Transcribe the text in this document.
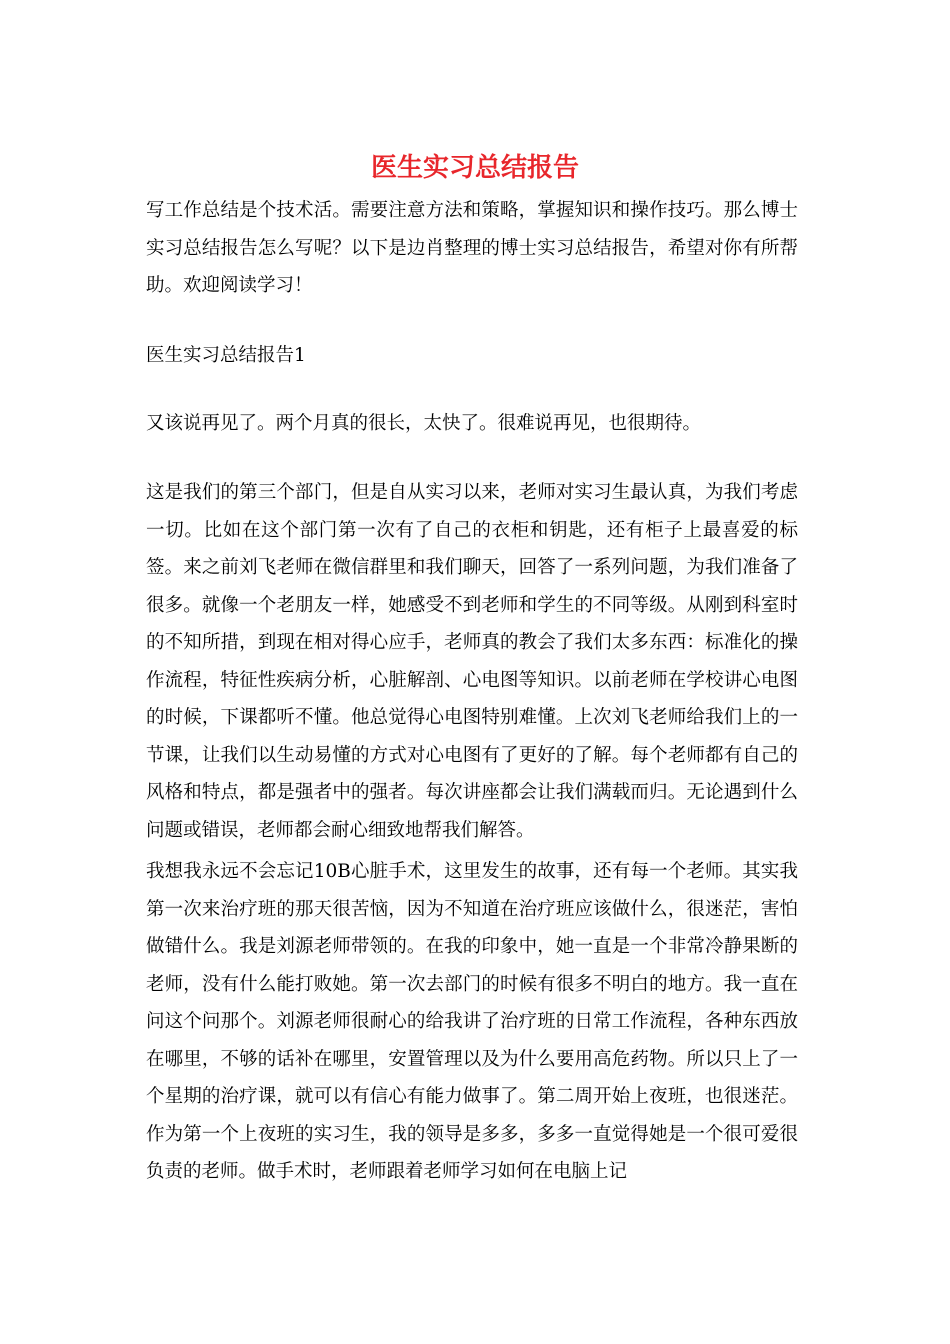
医生实习总结报告

写工作总结是个技术活。需要注意方法和策略，掌握知识和操作技巧。那么博士实习总结报告怎么写呢？以下是边肖整理的博士实习总结报告，希望对你有所帮助。欢迎阅读学习！

医生实习总结报告1

又该说再见了。两个月真的很长，太快了。很难说再见，也很期待。

这是我们的第三个部门，但是自从实习以来，老师对实习生最认真，为我们考虑一切。比如在这个部门第一次有了自己的衣柜和钥匙，还有柜子上最喜爱的标签。来之前刘飞老师在微信群里和我们聊天，回答了一系列问题，为我们准备了很多。就像一个老朋友一样，她感受不到老师和学生的不同等级。从刚到科室时的不知所措，到现在相对得心应手，老师真的教会了我们太多东西：标准化的操作流程，特征性疾病分析，心脏解剖、心电图等知识。以前老师在学校讲心电图的时候，下课都听不懂。他总觉得心电图特别难懂。上次刘飞老师给我们上的一节课，让我们以生动易懂的方式对心电图有了更好的了解。每个老师都有自己的风格和特点，都是强者中的强者。每次讲座都会让我们满载而归。无论遇到什么问题或错误，老师都会耐心细致地帮我们解答。

我想我永远不会忘记10B心脏手术，这里发生的故事，还有每一个老师。其实我第一次来治疗班的那天很苦恼，因为不知道在治疗班应该做什么，很迷茫，害怕做错什么。我是刘源老师带领的。在我的印象中，她一直是一个非常冷静果断的老师，没有什么能打败她。第一次去部门的时候有很多不明白的地方。我一直在问这个问那个。刘源老师很耐心的给我讲了治疗班的日常工作流程，各种东西放在哪里，不够的话补在哪里，安置管理以及为什么要用高危药物。所以只上了一个星期的治疗课，就可以有信心有能力做事了。第二周开始上夜班，也很迷茫。作为第一个上夜班的实习生，我的领导是多多，多多一直觉得她是一个很可爱很负责的老师。做手术时，老师跟着老师学习如何在电脑上记
